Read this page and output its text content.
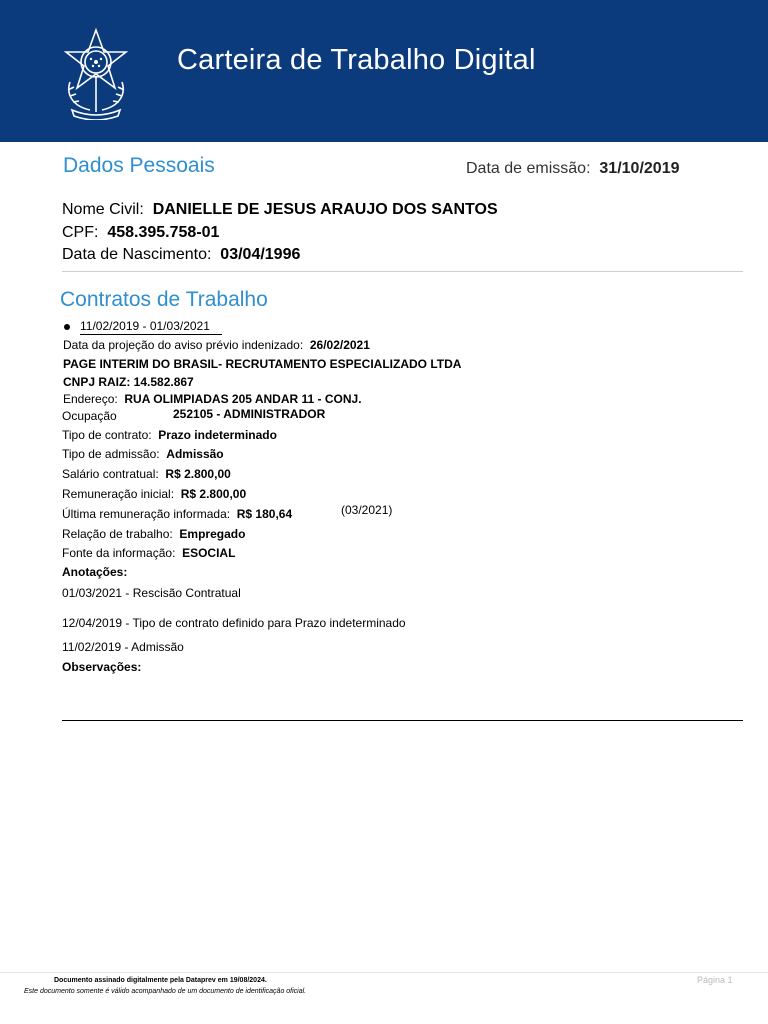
Carteira de Trabalho Digital
Dados Pessoais	Data de emissão: 31/10/2019
Nome Civil: DANIELLE DE JESUS ARAUJO DOS SANTOS
CPF: 458.395.758-01
Data de Nascimento: 03/04/1996
Contratos de Trabalho
11/02/2019 - 01/03/2021
Data da projeção do aviso prévio indenizado: 26/02/2021
PAGE INTERIM DO BRASIL- RECRUTAMENTO ESPECIALIZADO LTDA
CNPJ RAIZ: 14.582.867
Endereço: RUA OLIMPIADAS 205 ANDAR 11 - CONJ.
Ocupação	252105 - ADMINISTRADOR
Tipo de contrato: Prazo indeterminado
Tipo de admissão: Admissão
Salário contratual: R$ 2.800,00
Remuneração inicial: R$ 2.800,00
Última remuneração informada: R$ 180,64	(03/2021)
Relação de trabalho: Empregado
Fonte da informação: ESOCIAL
Anotações:
01/03/2021 - Rescisão Contratual
12/04/2019 - Tipo de contrato definido para Prazo indeterminado
11/02/2019 - Admissão
Observações:
Documento assinado digitalmente pela Dataprev em 19/08/2024.
Este documento somente é válido acompanhado de um documento de identificação oficial.
Página 1
